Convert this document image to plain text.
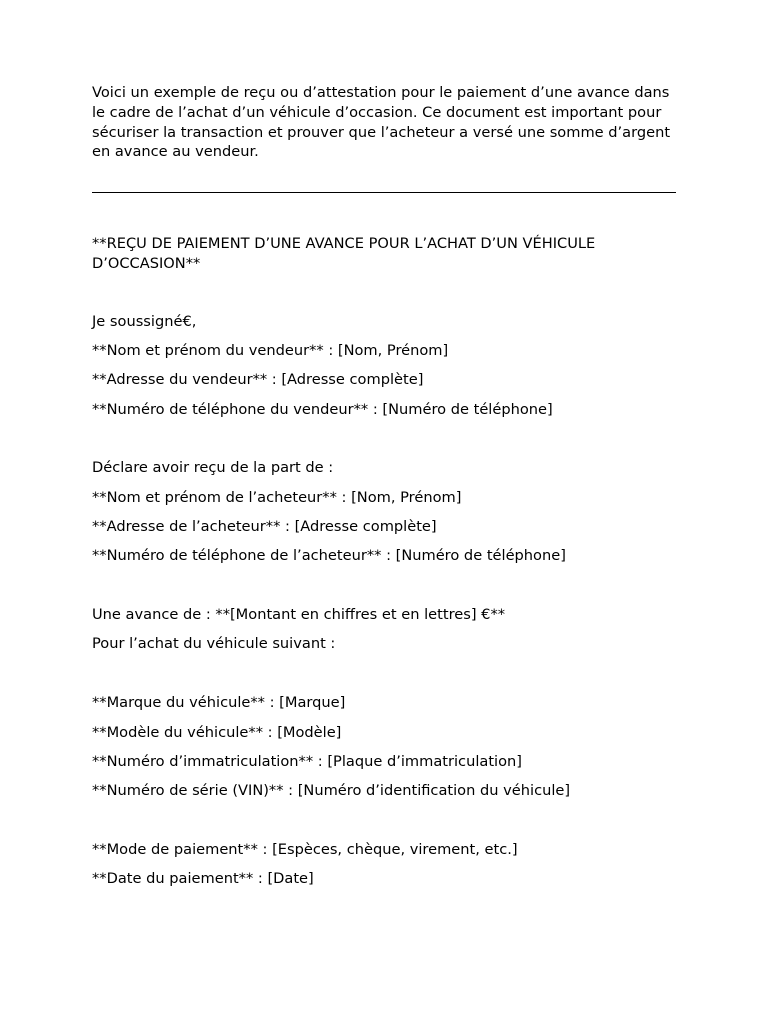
Voici un exemple de reçu ou d’attestation pour le paiement d’une avance dans le cadre de l’achat d’un véhicule d’occasion. Ce document est important pour sécuriser la transaction et prouver que l’acheteur a versé une somme d’argent en avance au vendeur.

**REÇU DE PAIEMENT D’UNE AVANCE POUR L’ACHAT D’UN VÉHICULE

D’OCCASION**

Je soussigné€,

**Nom et prénom du vendeur** : [Nom, Prénom]

**Adresse du vendeur** : [Adresse complète]

**Numéro de téléphone du vendeur** : [Numéro de téléphone]

Déclare avoir reçu de la part de :

**Nom et prénom de l’acheteur** : [Nom, Prénom]

**Adresse de l’acheteur** : [Adresse complète]

**Numéro de téléphone de l’acheteur** : [Numéro de téléphone]

Une avance de : **[Montant en chiffres et en lettres] €**

Pour l’achat du véhicule suivant :

**Marque du véhicule** : [Marque]

**Modèle du véhicule** : [Modèle]

**Numéro d’immatriculation** : [Plaque d’immatriculation]

**Numéro de série (VIN)** : [Numéro d’identification du véhicule]

**Mode de paiement** : [Espèces, chèque, virement, etc.]

**Date du paiement** : [Date]
